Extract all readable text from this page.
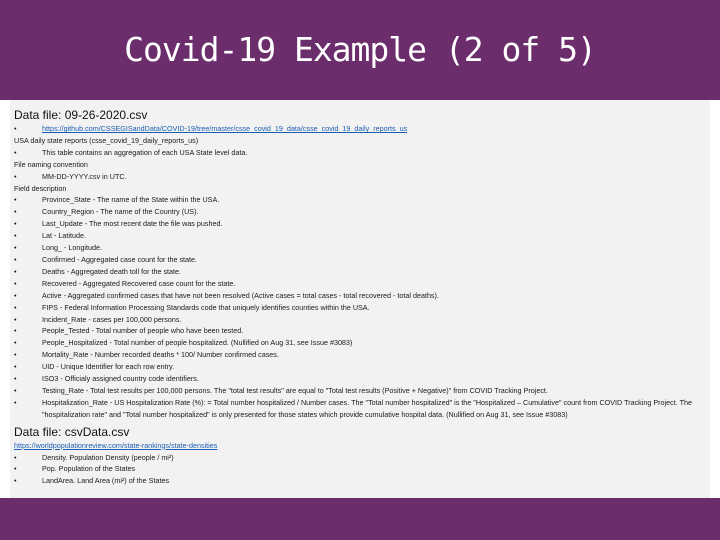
Covid-19 Example (2 of 5)
Data file: 09-26-2020.csv
• https://github.com/CSSEGISandData/COVID-19/tree/master/csse_covid_19_data/csse_covid_19_daily_reports_us
USA daily state reports (csse_covid_19_daily_reports_us)
• This table contains an aggregation of each USA State level data.
File naming convention
• MM-DD-YYYY.csv in UTC.
Field description
• Province_State - The name of the State within the USA.
• Country_Region - The name of the Country (US).
• Last_Update - The most recent date the file was pushed.
• Lat - Latitude.
• Long_ - Longitude.
• Confirmed - Aggregated case count for the state.
• Deaths - Aggregated death toll for the state.
• Recovered - Aggregated Recovered case count for the state.
• Active - Aggregated confirmed cases that have not been resolved (Active cases = total cases - total recovered - total deaths).
• FIPS - Federal Information Processing Standards code that uniquely identifies counties within the USA.
• Incident_Rate - cases per 100,000 persons.
• People_Tested - Total number of people who have been tested.
• People_Hospitalized - Total number of people hospitalized. (Nullified on Aug 31, see Issue #3083)
• Mortality_Rate - Number recorded deaths * 100/ Number confirmed cases.
• UID - Unique Identifier for each row entry.
• ISO3 - Officialy assigned country code identifiers.
• Testing_Rate - Total test results per 100,000 persons. The "total test results" are equal to "Total test results (Positive + Negative)" from COVID Tracking Project.
• Hospitalization_Rate - US Hospitalization Rate (%): = Total number hospitalized / Number cases. The "Total number hospitalized" is the "Hospitalized – Cumulative" count from COVID Tracking Project. The "hospitalization rate" and "Total number hospitalized" is only presented for those states which provide cumulative hospital data. (Nullified on Aug 31, see Issue #3083)
Data file: csvData.csv
https://worldpopulationreview.com/state-rankings/state-densities
• Density. Population Density (people / mi²)
• Pop. Population of the States
• LandArea. Land Area (mi²) of the States
